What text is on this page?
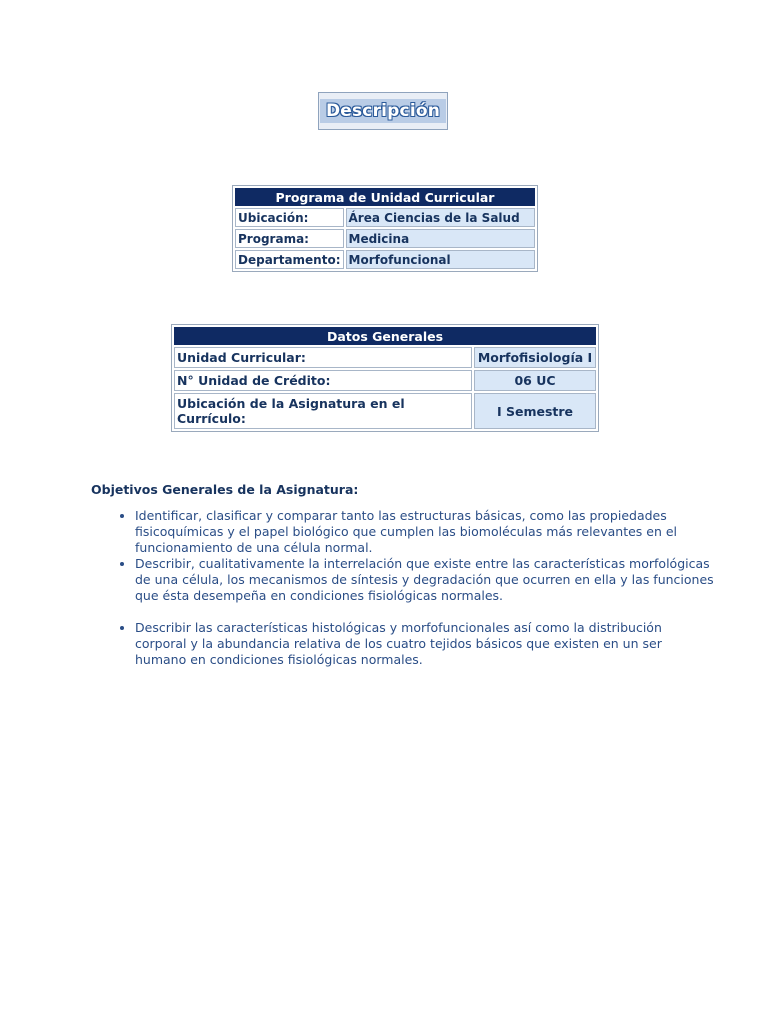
Descripción
Programa de Unidad Curricular	
Ubicación:	Área Ciencias de la Salud
Programa:	Medicina
Departamento:	Morfofuncional
Datos Generales	
Unidad Curricular:	Morfofisiología I
N° Unidad de Crédito:	06 UC
Ubicación de la Asignatura en el Currículo:	I Semestre
Objetivos Generales de la Asignatura:
• Identificar, clasificar y comparar tanto las estructuras básicas, como las propiedades fisicoquímicas y el papel biológico que cumplen las biomoléculas más relevantes en el funcionamiento de una célula normal.
• Describir, cualitativamente la interrelación que existe entre las características morfológicas de una célula, los mecanismos de síntesis y degradación que ocurren en ella y las funciones que ésta desempeña en condiciones fisiológicas normales.
• Describir las características histológicas y morfofuncionales así como la distribución corporal y la abundancia relativa de los cuatro tejidos básicos que existen en un ser humano en condiciones fisiológicas normales.
